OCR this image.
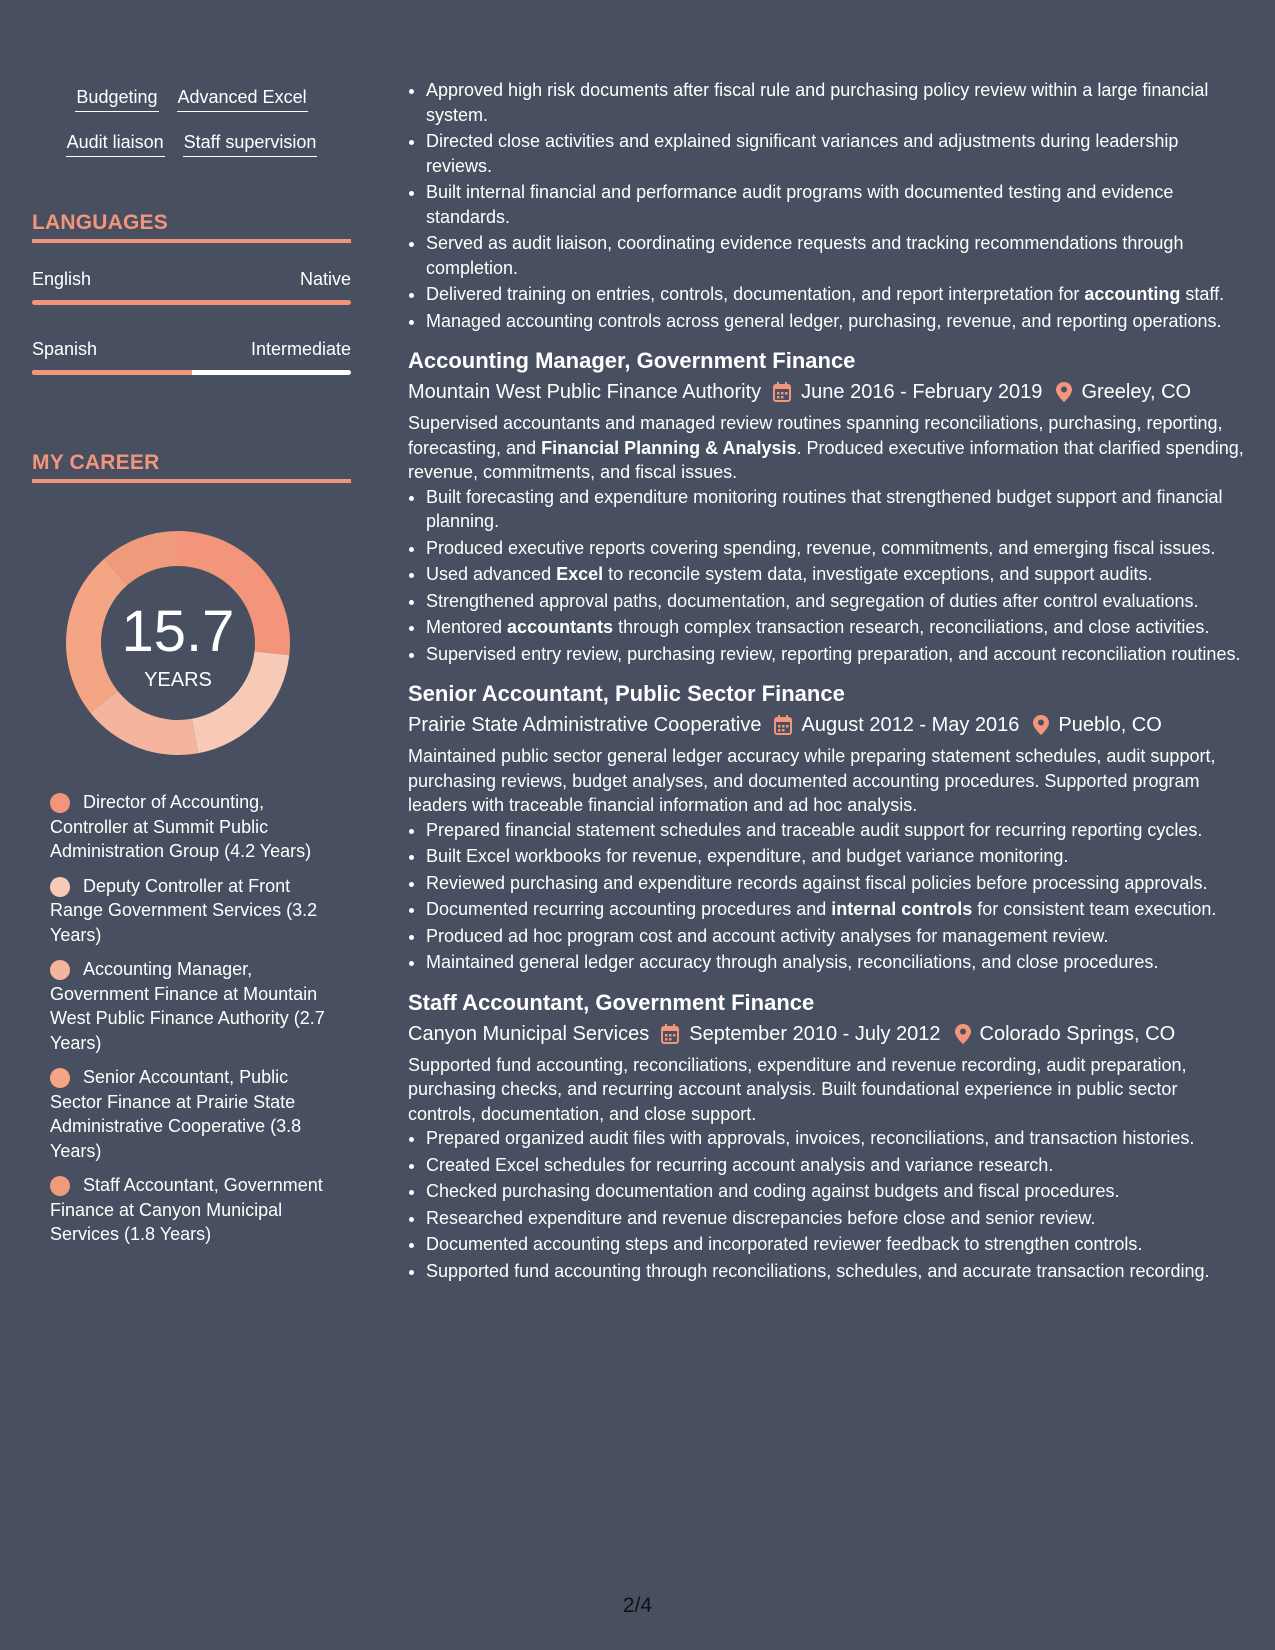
Budgeting Advanced Excel
Audit liaison Staff supervision
LANGUAGES
English	Native
Spanish	Intermediate
MY CAREER
15.7
YEARS
Director of Accounting, Controller at Summit Public Administration Group (4.2 Years)
Deputy Controller at Front Range Government Services (3.2 Years)
Accounting Manager, Government Finance at Mountain West Public Finance Authority (2.7 Years)
Senior Accountant, Public Sector Finance at Prairie State Administrative Cooperative (3.8 Years)
Staff Accountant, Government Finance at Canyon Municipal Services (1.8 Years)
• Approved high risk documents after fiscal rule and purchasing policy review within a large financial system.
• Directed close activities and explained significant variances and adjustments during leadership reviews.
• Built internal financial and performance audit programs with documented testing and evidence standards.
• Served as audit liaison, coordinating evidence requests and tracking recommendations through completion.
• Delivered training on entries, controls, documentation, and report interpretation for accounting staff.
• Managed accounting controls across general ledger, purchasing, revenue, and reporting operations.
Accounting Manager, Government Finance
Mountain West Public Finance Authority June 2016 - February 2019 Greeley, CO
Supervised accountants and managed review routines spanning reconciliations, purchasing, reporting, forecasting, and Financial Planning & Analysis. Produced executive information that clarified spending, revenue, commitments, and fiscal issues.
• Built forecasting and expenditure monitoring routines that strengthened budget support and financial planning.
• Produced executive reports covering spending, revenue, commitments, and emerging fiscal issues.
• Used advanced Excel to reconcile system data, investigate exceptions, and support audits.
• Strengthened approval paths, documentation, and segregation of duties after control evaluations.
• Mentored accountants through complex transaction research, reconciliations, and close activities.
• Supervised entry review, purchasing review, reporting preparation, and account reconciliation routines.
Senior Accountant, Public Sector Finance
Prairie State Administrative Cooperative August 2012 - May 2016 Pueblo, CO
Maintained public sector general ledger accuracy while preparing statement schedules, audit support, purchasing reviews, budget analyses, and documented accounting procedures. Supported program leaders with traceable financial information and ad hoc analysis.
• Prepared financial statement schedules and traceable audit support for recurring reporting cycles.
• Built Excel workbooks for revenue, expenditure, and budget variance monitoring.
• Reviewed purchasing and expenditure records against fiscal policies before processing approvals.
• Documented recurring accounting procedures and internal controls for consistent team execution.
• Produced ad hoc program cost and account activity analyses for management review.
• Maintained general ledger accuracy through analysis, reconciliations, and close procedures.
Staff Accountant, Government Finance
Canyon Municipal Services September 2010 - July 2012 Colorado Springs, CO
Supported fund accounting, reconciliations, expenditure and revenue recording, audit preparation, purchasing checks, and recurring account analysis. Built foundational experience in public sector controls, documentation, and close support.
• Prepared organized audit files with approvals, invoices, reconciliations, and transaction histories.
• Created Excel schedules for recurring account analysis and variance research.
• Checked purchasing documentation and coding against budgets and fiscal procedures.
• Researched expenditure and revenue discrepancies before close and senior review.
• Documented accounting steps and incorporated reviewer feedback to strengthen controls.
• Supported fund accounting through reconciliations, schedules, and accurate transaction recording.
2/4
